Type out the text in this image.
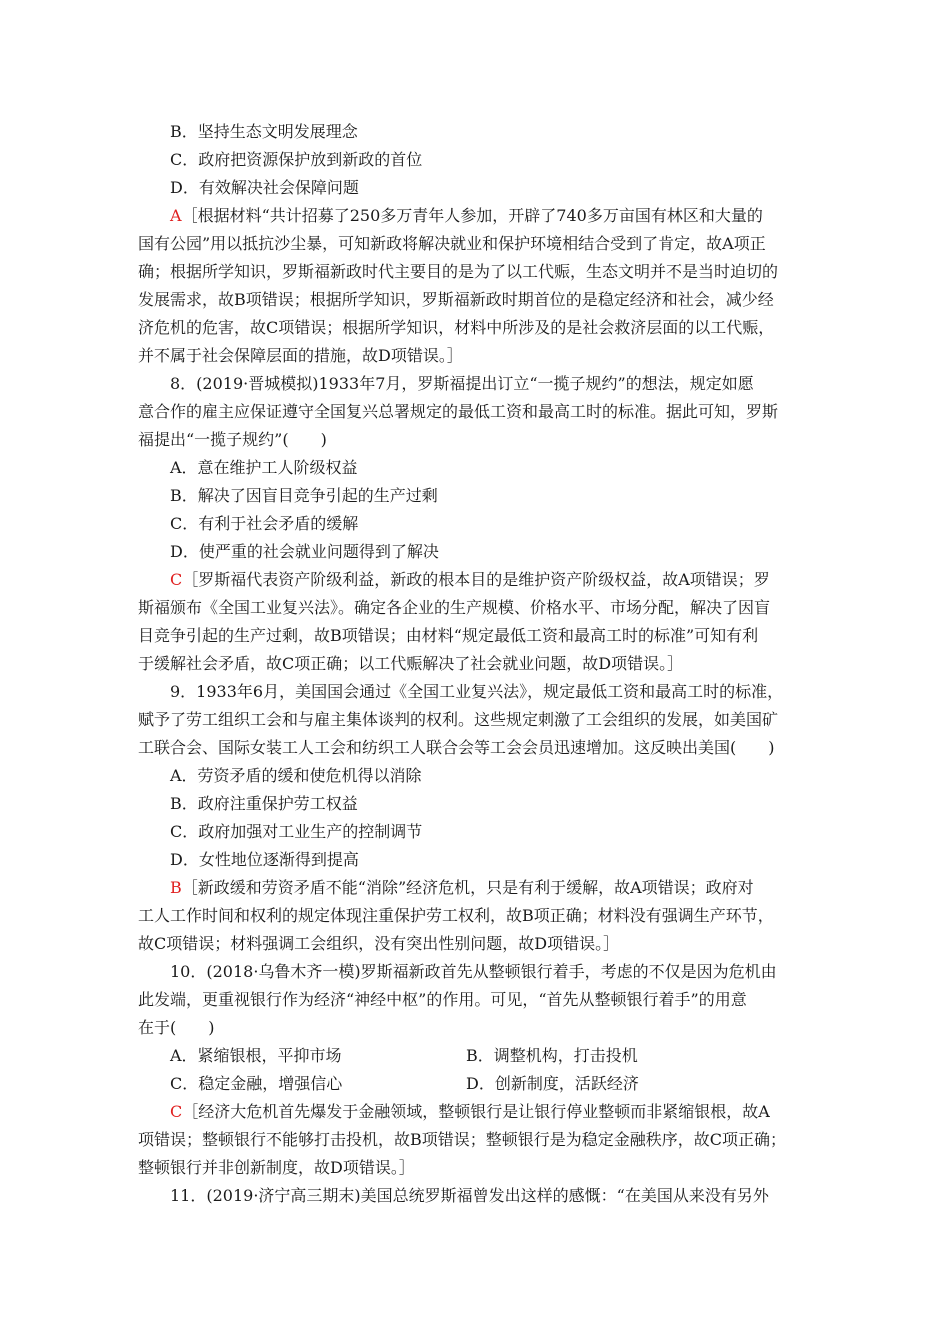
B．坚持生态文明发展理念
C．政府把资源保护放到新政的首位
D．有效解决社会保障问题
A［根据材料“共计招募了250多万青年人参加，开辟了740多万亩国有林区和大量的
国有公园”用以抵抗沙尘暴，可知新政将解决就业和保护环境相结合受到了肯定，故A项正
确；根据所学知识，罗斯福新政时代主要目的是为了以工代赈，生态文明并不是当时迫切的
发展需求，故B项错误；根据所学知识，罗斯福新政时期首位的是稳定经济和社会，减少经
济危机的危害，故C项错误；根据所学知识，材料中所涉及的是社会救济层面的以工代赈，
并不属于社会保障层面的措施，故D项错误。］
8．(2019·晋城模拟)1933年7月，罗斯福提出订立“一揽子规约”的想法，规定如愿
意合作的雇主应保证遵守全国复兴总署规定的最低工资和最高工时的标准。据此可知，罗斯
福提出“一揽子规约”(　　)
A．意在维护工人阶级权益
B．解决了因盲目竞争引起的生产过剩
C．有利于社会矛盾的缓解
D．使严重的社会就业问题得到了解决
C［罗斯福代表资产阶级利益，新政的根本目的是维护资产阶级权益，故A项错误；罗
斯福颁布《全国工业复兴法》。确定各企业的生产规模、价格水平、市场分配，解决了因盲
目竞争引起的生产过剩，故B项错误；由材料“规定最低工资和最高工时的标准”可知有利
于缓解社会矛盾，故C项正确；以工代赈解决了社会就业问题，故D项错误。］
9．1933年6月，美国国会通过《全国工业复兴法》，规定最低工资和最高工时的标准，
赋予了劳工组织工会和与雇主集体谈判的权利。这些规定刺激了工会组织的发展，如美国矿
工联合会、国际女装工人工会和纺织工人联合会等工会会员迅速增加。这反映出美国(　　)
A．劳资矛盾的缓和使危机得以消除
B．政府注重保护劳工权益
C．政府加强对工业生产的控制调节
D．女性地位逐渐得到提高
B［新政缓和劳资矛盾不能“消除”经济危机，只是有利于缓解，故A项错误；政府对
工人工作时间和权利的规定体现注重保护劳工权利，故B项正确；材料没有强调生产环节，
故C项错误；材料强调工会组织，没有突出性别问题，故D项错误。］
10．(2018·乌鲁木齐一模)罗斯福新政首先从整顿银行着手，考虑的不仅是因为危机由
此发端，更重视银行作为经济“神经中枢”的作用。可见，“首先从整顿银行着手”的用意
在于(　　)
A．紧缩银根，平抑市场	B．调整机构，打击投机
C．稳定金融，增强信心	D．创新制度，活跃经济
C［经济大危机首先爆发于金融领域，整顿银行是让银行停业整顿而非紧缩银根，故A
项错误；整顿银行不能够打击投机，故B项错误；整顿银行是为稳定金融秩序，故C项正确；
整顿银行并非创新制度，故D项错误。］
11．(2019·济宁高三期末)美国总统罗斯福曾发出这样的感慨：“在美国从来没有另外
